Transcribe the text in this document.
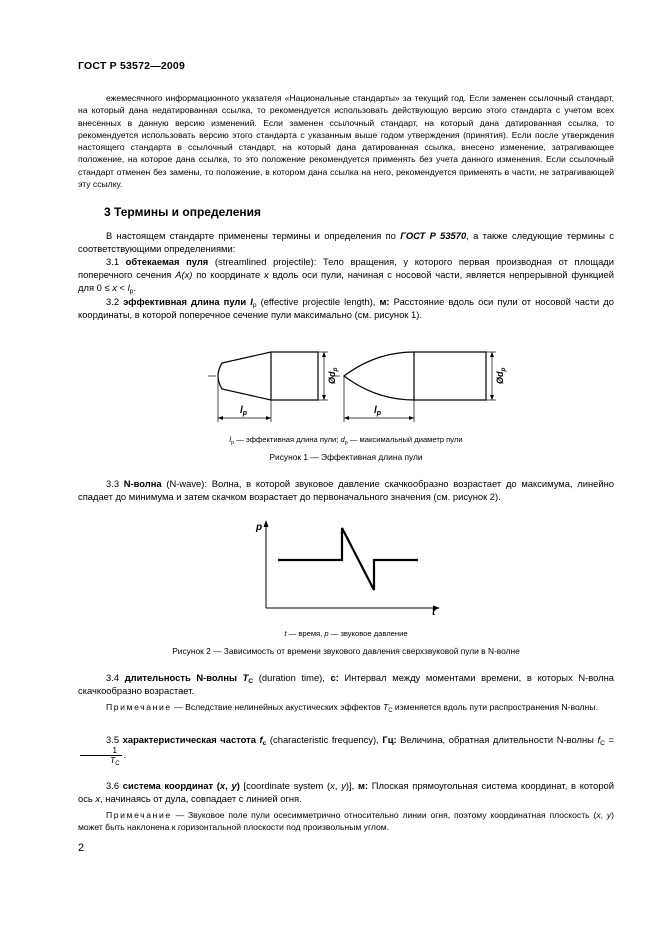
ГОСТ Р 53572—2009
ежемесячного информационного указателя «Национальные стандарты» за текущий год. Если заменен ссылочный стандарт, на который дана недатированная ссылка, то рекомендуется использовать действующую версию этого стандарта с учетом всех внесенных в данную версию изменений. Если заменен ссылочный стандарт, на который дана датированная ссылка, то рекомендуется использовать версию этого стандарта с указанным выше годом утверждения (принятия). Если после утверждения настоящего стандарта в ссылочный стандарт, на который дана датированная ссылка, внесено изменение, затрагивающее положение, на которое дана ссылка, то это положение рекомендуется применять без учета данного изменения. Если ссылочный стандарт отменен без замены, то положение, в котором дана ссылка на него, рекомендуется применять в части, не затрагивающей эту ссылку.
3 Термины и определения
В настоящем стандарте применены термины и определения по ГОСТ Р 53570, а также следующие термины с соответствующими определениями:
3.1 обтекаемая пуля (streamlined projectile): Тело вращения, у которого первая производная от площади поперечного сечения A(x) по координате x вдоль оси пули, начиная с носовой части, является непрерывной функцией для $0 \le x < l_p$.
3.2 эффективная длина пули $l_p$ (effective projectile length), м: Расстояние вдоль оси пули от носовой части до координаты, в которой поперечное сечение пули максимально (см. рисунок 1).
$l_p$	$l_p$
$Ød_p$
$Ød_p$
$l_p$ — эффективная длина пули; $d_p$ — максимальный диаметр пули
Рисунок 1 — Эффективная длина пули
3.3 N-волна (N-wave): Волна, в которой звуковое давление скачкообразно возрастает до максимума, линейно спадает до минимума и затем скачком возрастает до первоначального значения (см. рисунок 2).
p
t
t — время, p — звуковое давление
Рисунок 2 — Зависимость от времени звукового давления сверхзвуковой пули в N-волне
3.4 длительность N-волны $T_C$ (duration time), с: Интервал между моментами времени, в которых N-волна скачкообразно возрастает.
Примечание — Вследствие нелинейных акустических эффектов $T_C$ изменяется вдоль пути распространения N-волны.
3.5 характеристическая частота $f_c$ (characteristic frequency), Гц: Величина, обратная длительности N-волны $f_C$ =
$\frac{1}{T_C}$ .
3.6 система координат (x, y) [coordinate system (x, y)], м: Плоская прямоугольная система координат, в которой ось x, начинаясь от дула, совпадает с линией огня.
Примечание — Звуковое поле пули осесимметрично относительно линии огня, поэтому координатная плоскость (x, y) может быть наклонена к горизонтальной плоскости под произвольным углом.
2
